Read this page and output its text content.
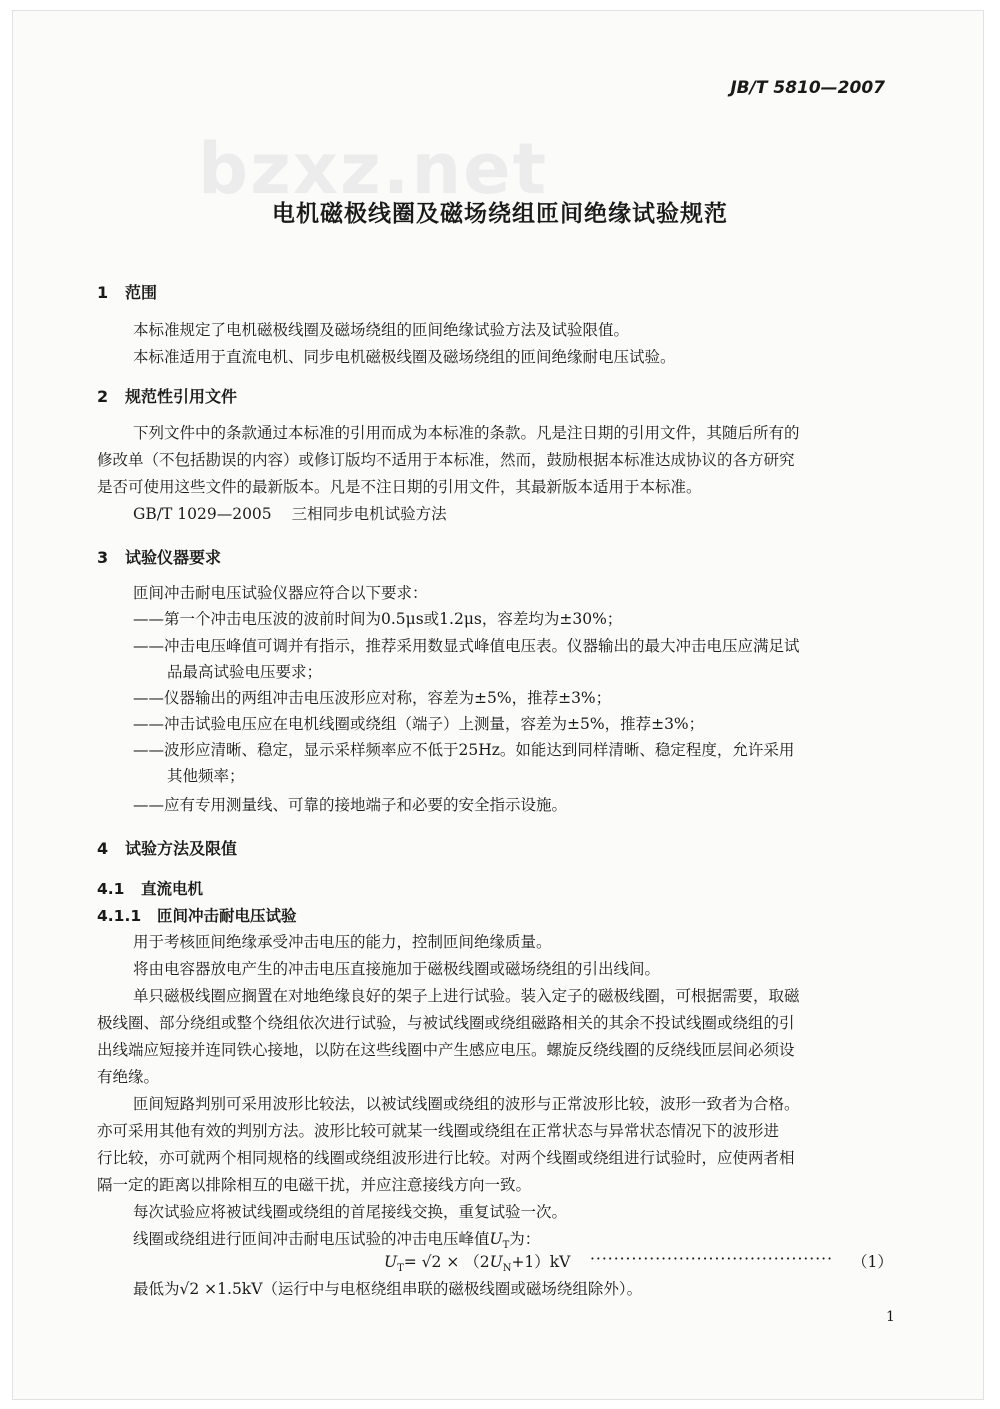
JB/T 5810—2007
bzxz.net
电机磁极线圈及磁场绕组匝间绝缘试验规范
1 范围
本标准规定了电机磁极线圈及磁场绕组的匝间绝缘试验方法及试验限值。
本标准适用于直流电机、同步电机磁极线圈及磁场绕组的匝间绝缘耐电压试验。
2 规范性引用文件
下列文件中的条款通过本标准的引用而成为本标准的条款。凡是注日期的引用文件，其随后所有的
修改单（不包括勘误的内容）或修订版均不适用于本标准，然而，鼓励根据本标准达成协议的各方研究
是否可使用这些文件的最新版本。凡是不注日期的引用文件，其最新版本适用于本标准。
GB/T 1029—2005 三相同步电机试验方法
3 试验仪器要求
匝间冲击耐电压试验仪器应符合以下要求：
——第一个冲击电压波的波前时间为0.5μs或1.2μs，容差均为±30%；
——冲击电压峰值可调并有指示，推荐采用数显式峰值电压表。仪器输出的最大冲击电压应满足试
品最高试验电压要求；
——仪器输出的两组冲击电压波形应对称，容差为±5%，推荐±3%；
——冲击试验电压应在电机线圈或绕组（端子）上测量，容差为±5%，推荐±3%；
——波形应清晰、稳定，显示采样频率应不低于25Hz。如能达到同样清晰、稳定程度，允许采用
其他频率；
——应有专用测量线、可靠的接地端子和必要的安全指示设施。
4 试验方法及限值
4.1 直流电机
4.1.1 匝间冲击耐电压试验
用于考核匝间绝缘承受冲击电压的能力，控制匝间绝缘质量。
将由电容器放电产生的冲击电压直接施加于磁极线圈或磁场绕组的引出线间。
单只磁极线圈应搁置在对地绝缘良好的架子上进行试验。装入定子的磁极线圈，可根据需要，取磁
极线圈、部分绕组或整个绕组依次进行试验，与被试线圈或绕组磁路相关的其余不投试线圈或绕组的引
出线端应短接并连同铁心接地，以防在这些线圈中产生感应电压。螺旋反绕线圈的反绕线匝层间必须设
有绝缘。
匝间短路判别可采用波形比较法，以被试线圈或绕组的波形与正常波形比较，波形一致者为合格。
亦可采用其他有效的判别方法。波形比较可就某一线圈或绕组在正常状态与异常状态情况下的波形进
行比较，亦可就两个相同规格的线圈或绕组波形进行比较。对两个线圈或绕组进行试验时，应使两者相
隔一定的距离以排除相互的电磁干扰，并应注意接线方向一致。
每次试验应将被试线圈或绕组的首尾接线交换，重复试验一次。
线圈或绕组进行匝间冲击耐电压试验的冲击电压峰值$U_T$为：
$U_T= √2 \times (2U_N+1)kV$ ·········································	（1）
最低为√2 ×1.5kV（运行中与电枢绕组串联的磁极线圈或磁场绕组除外）。
1
